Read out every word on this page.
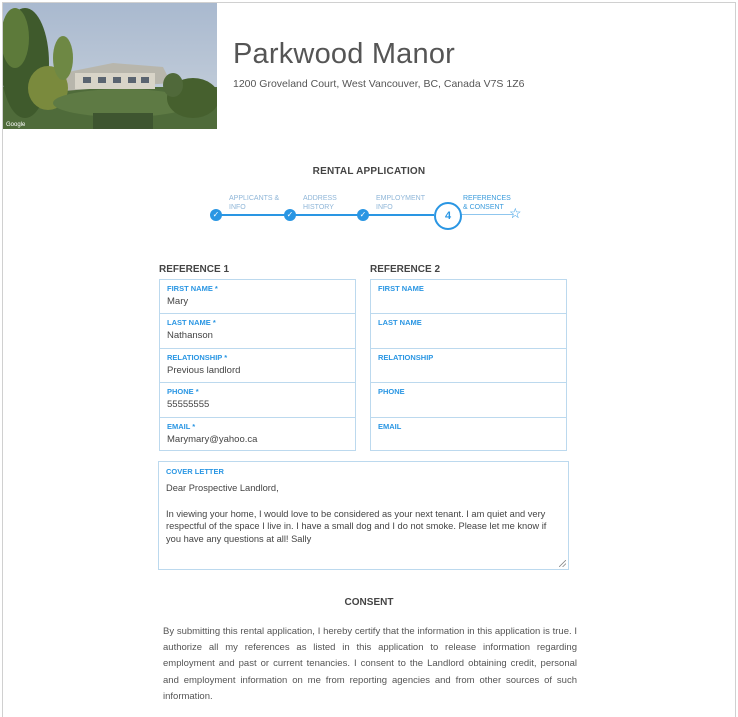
Google
Parkwood Manor
1200 Groveland Court, West Vancouver, BC, Canada V7S 1Z6
RENTAL APPLICATION
APPLICANTS &
INFO
ADDRESS
HISTORY
EMPLOYMENT
INFO
REFERENCES
& CONSENT
✓	✓	✓	4	☆
REFERENCE 1
FIRST NAME *
Mary
LAST NAME *
Nathanson
RELATIONSHIP *
Previous landlord
PHONE *
55555555
EMAIL *
Marymary@yahoo.ca
REFERENCE 2
FIRST NAME
LAST NAME
RELATIONSHIP
PHONE
EMAIL
COVER LETTER
Dear Prospective Landlord,

In viewing your home, I would love to be considered as your next tenant. I am quiet and very respectful of the space I live in. I have a small dog and I do not smoke. Please let me know if you have any questions at all! Sally
CONSENT
By submitting this rental application, I hereby certify that the information in this application is true. I authorize all my references as listed in this application to release information regarding employment and past or current tenancies. I consent to the Landlord obtaining credit, personal and employment information on me from reporting agencies and from other sources of such information.
